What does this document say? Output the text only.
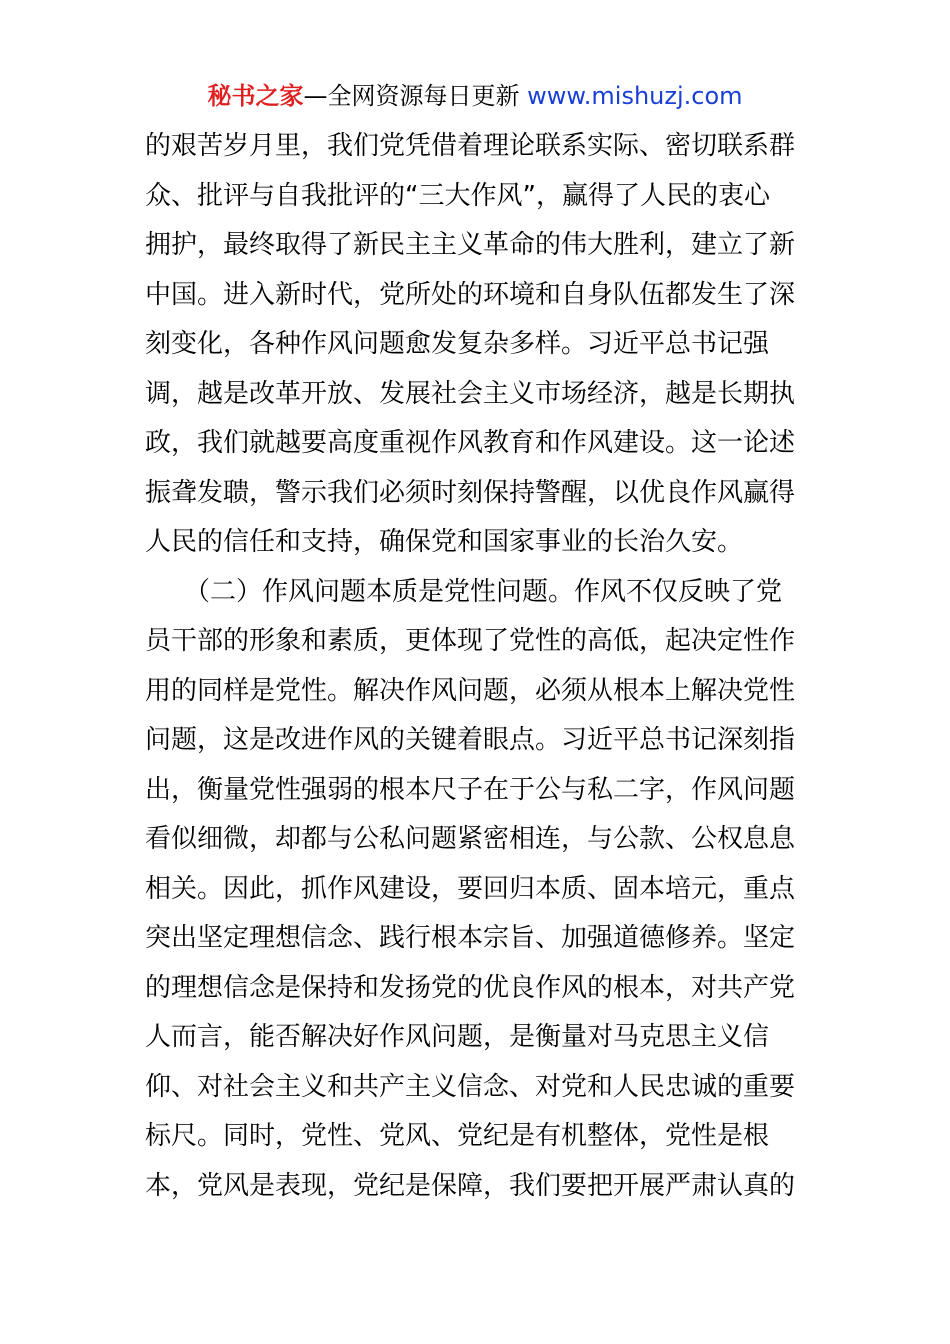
秘书之家—全网资源每日更新 www.mishuzj.com
的艰苦岁月里，我们党凭借着理论联系实际、密切联系群
众、批评与自我批评的“三大作风”，赢得了人民的衷心
拥护，最终取得了新民主主义革命的伟大胜利，建立了新
中国。进入新时代，党所处的环境和自身队伍都发生了深
刻变化，各种作风问题愈发复杂多样。习近平总书记强
调，越是改革开放、发展社会主义市场经济，越是长期执
政，我们就越要高度重视作风教育和作风建设。这一论述
振聋发聩，警示我们必须时刻保持警醒，以优良作风赢得
人民的信任和支持，确保党和国家事业的长治久安。
　　（二）作风问题本质是党性问题。作风不仅反映了党
员干部的形象和素质，更体现了党性的高低，起决定性作
用的同样是党性。解决作风问题，必须从根本上解决党性
问题，这是改进作风的关键着眼点。习近平总书记深刻指
出，衡量党性强弱的根本尺子在于公与私二字，作风问题
看似细微，却都与公私问题紧密相连，与公款、公权息息
相关。因此，抓作风建设，要回归本质、固本培元，重点
突出坚定理想信念、践行根本宗旨、加强道德修养。坚定
的理想信念是保持和发扬党的优良作风的根本，对共产党
人而言，能否解决好作风问题，是衡量对马克思主义信
仰、对社会主义和共产主义信念、对党和人民忠诚的重要
标尺。同时，党性、党风、党纪是有机整体，党性是根
本，党风是表现，党纪是保障，我们要把开展严肃认真的
